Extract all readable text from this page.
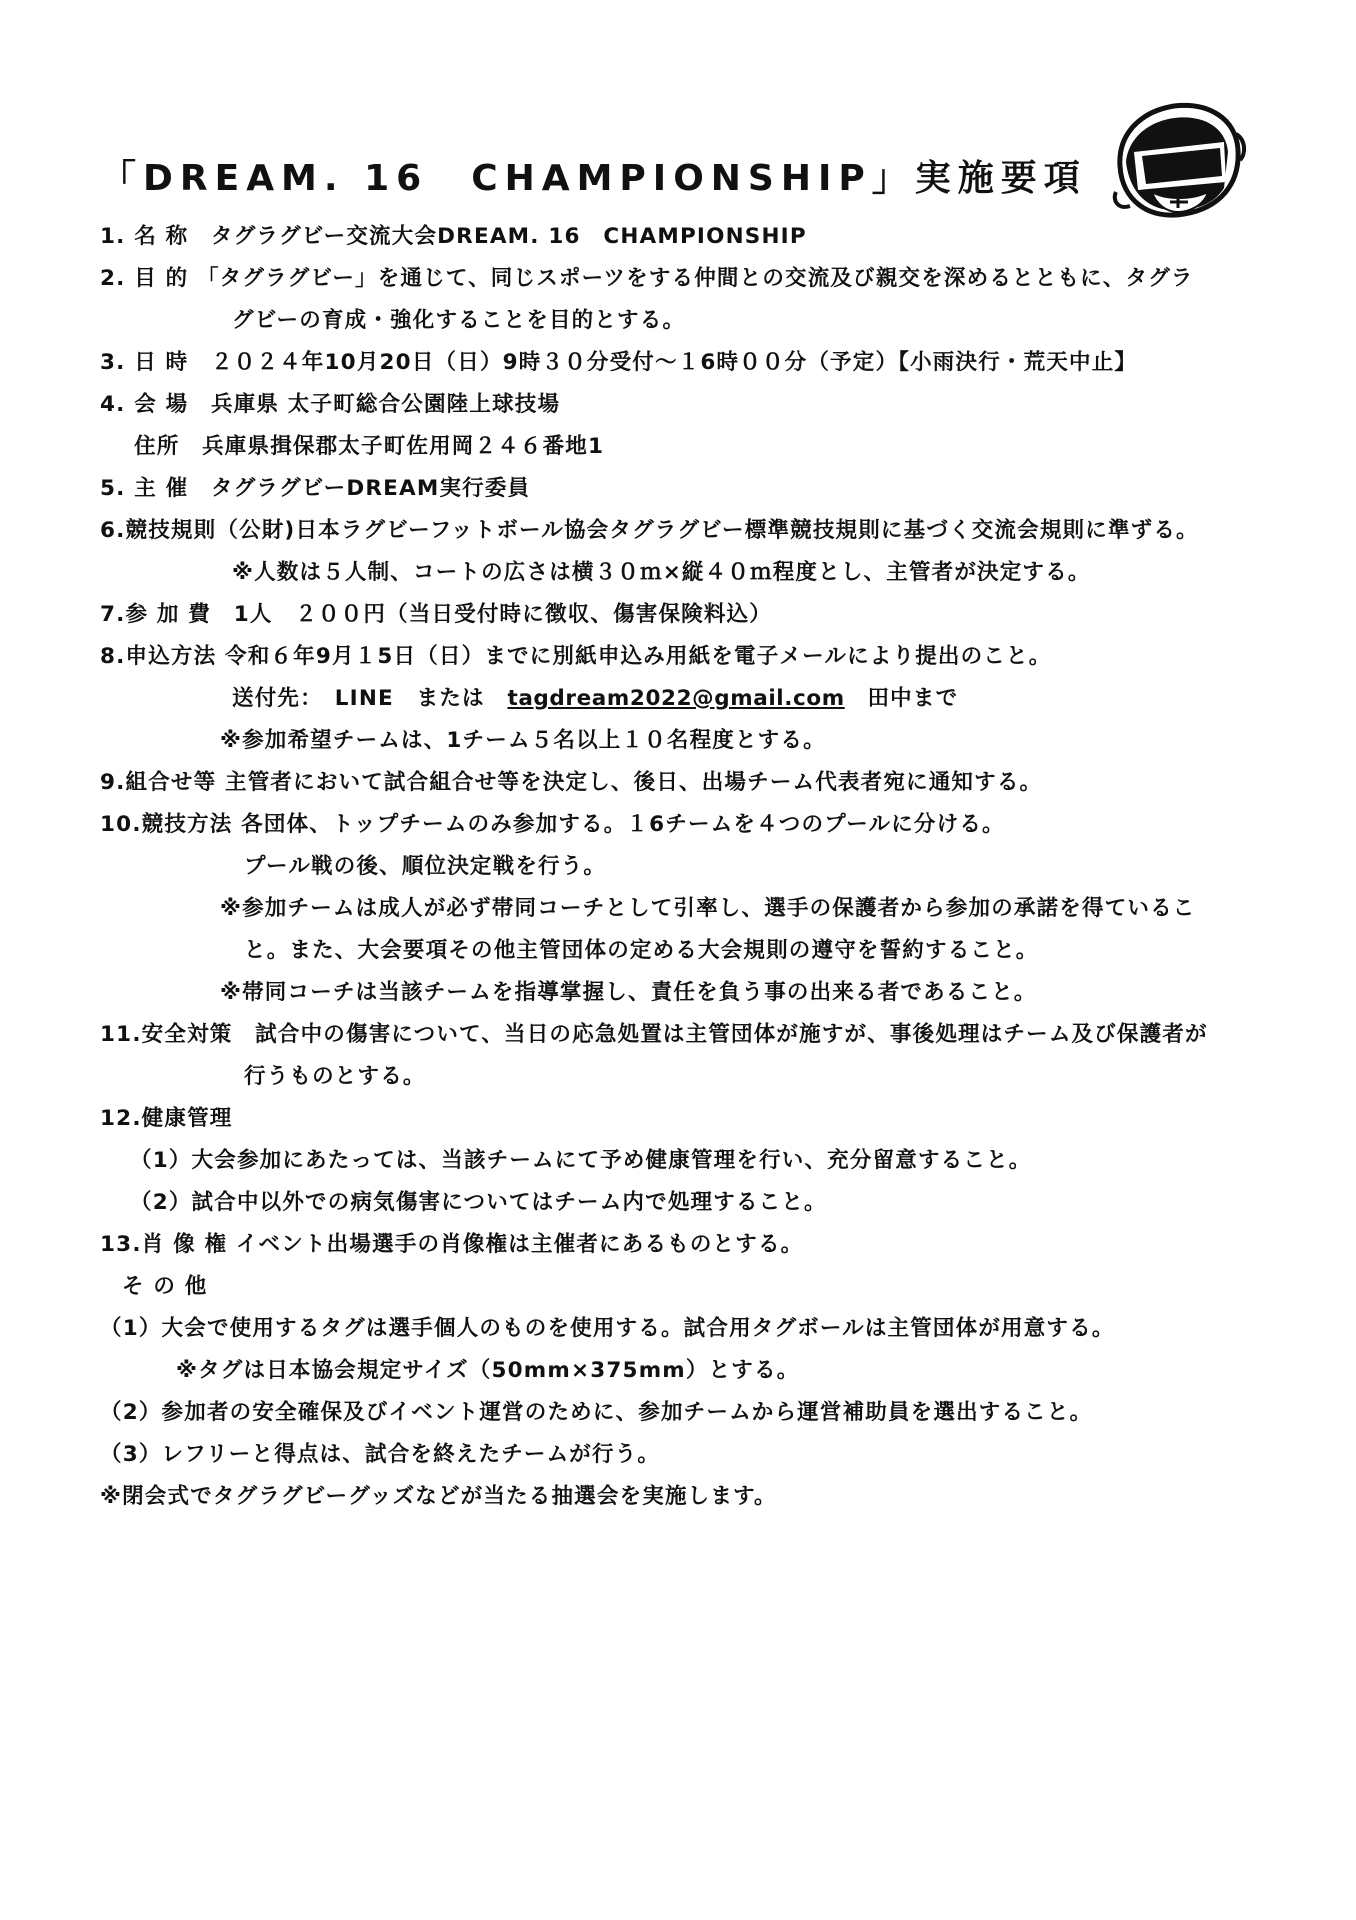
「DREAM. 16　CHAMPIONSHIP」実施要項
1. 名 称　タグラグビー交流大会DREAM. 16　CHAMPIONSHIP
2. 目 的 「タグラグビー」を通じて、同じスポーツをする仲間との交流及び親交を深めるとともに、タグラ
グビーの育成・強化することを目的とする。
3. 日 時　２０２４年10月20日（日）9時３０分受付～１6時００分（予定）【小雨決行・荒天中止】
4. 会 場　兵庫県 太子町総合公園陸上球技場
住所　兵庫県揖保郡太子町佐用岡２４６番地1
5. 主 催　タグラグビーDREAM実行委員
6.競技規則（公財)日本ラグビーフットボール協会タグラグビー標準競技規則に基づく交流会規則に準ずる。
※人数は５人制、コートの広さは横３０ｍ×縦４０ｍ程度とし、主管者が決定する。
7.参 加 費　1人　２００円（当日受付時に徴収、傷害保険料込）
8.申込方法 令和６年9月１5日（日）までに別紙申込み用紙を電子メールにより提出のこと。
送付先：　LINE　または　tagdream2022@gmail.com　田中まで
※参加希望チームは、1チーム５名以上１０名程度とする。
9.組合せ等 主管者において試合組合せ等を決定し、後日、出場チーム代表者宛に通知する。
10.競技方法 各団体、トップチームのみ参加する。１6チームを４つのプールに分ける。
プール戦の後、順位決定戦を行う。
※参加チームは成人が必ず帯同コーチとして引率し、選手の保護者から参加の承諾を得ているこ
と。また、大会要項その他主管団体の定める大会規則の遵守を誓約すること。
※帯同コーチは当該チームを指導掌握し、責任を負う事の出来る者であること。
11.安全対策　試合中の傷害について、当日の応急処置は主管団体が施すが、事後処理はチーム及び保護者が
行うものとする。
12.健康管理
（1）大会参加にあたっては、当該チームにて予め健康管理を行い、充分留意すること。
（2）試合中以外での病気傷害についてはチーム内で処理すること。
13.肖 像 権 イベント出場選手の肖像権は主催者にあるものとする。
そ の 他
（1）大会で使用するタグは選手個人のものを使用する。試合用タグボールは主管団体が用意する。
※タグは日本協会規定サイズ（50mm×375mm）とする。
（2）参加者の安全確保及びイベント運営のために、参加チームから運営補助員を選出すること。
（3）レフリーと得点は、試合を終えたチームが行う。
※閉会式でタグラグビーグッズなどが当たる抽選会を実施します。
